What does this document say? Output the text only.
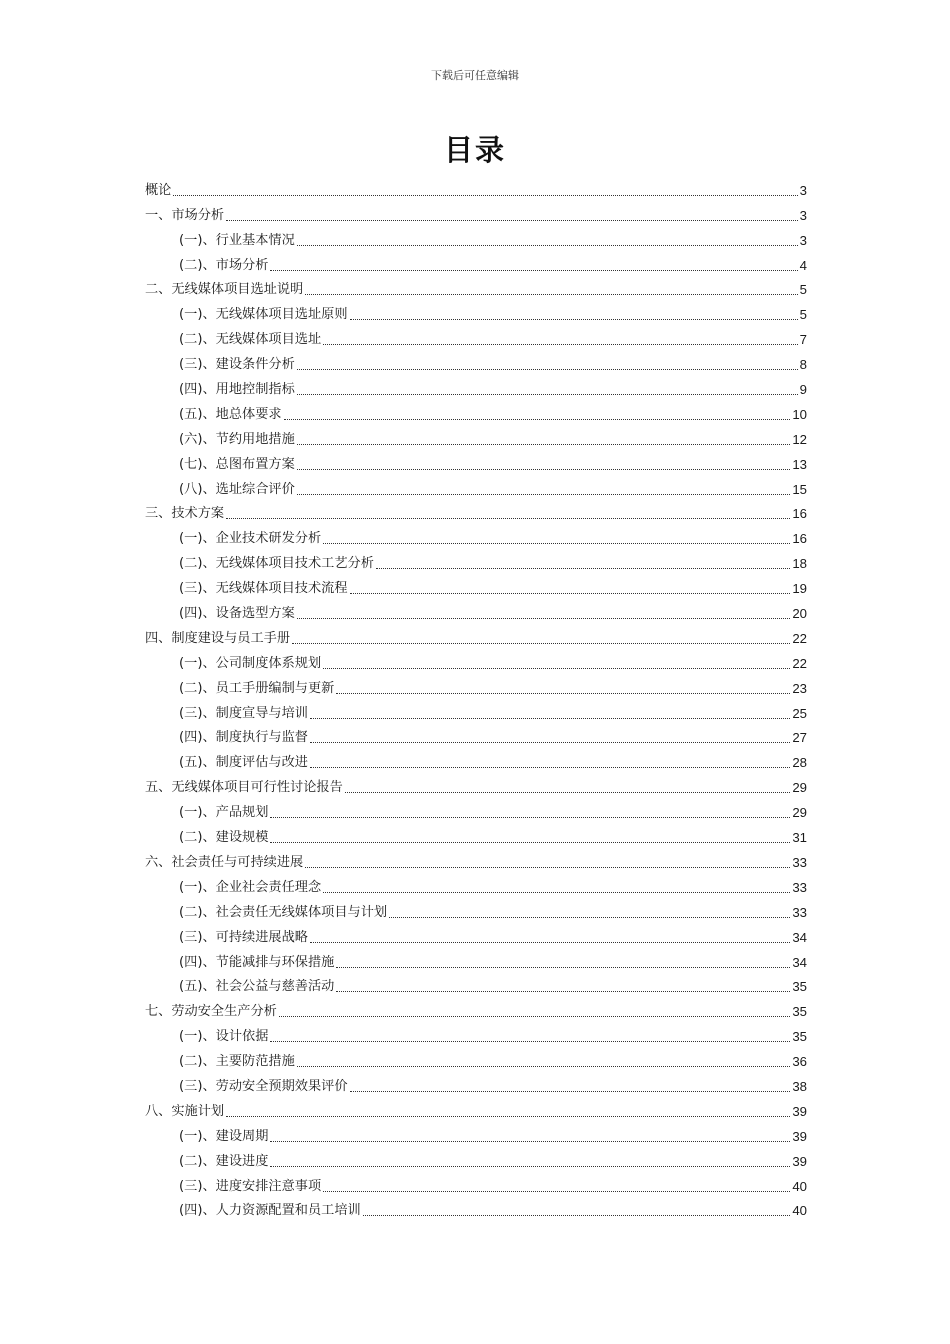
下载后可任意编辑
目录
概论	3
一、市场分析	3
(一)、行业基本情况	3
(二)、市场分析	4
二、无线媒体项目选址说明	5
(一)、无线媒体项目选址原则	5
(二)、无线媒体项目选址	7
(三)、建设条件分析	8
(四)、用地控制指标	9
(五)、地总体要求	10
(六)、节约用地措施	12
(七)、总图布置方案	13
(八)、选址综合评价	15
三、技术方案	16
(一)、企业技术研发分析	16
(二)、无线媒体项目技术工艺分析	18
(三)、无线媒体项目技术流程	19
(四)、设备选型方案	20
四、制度建设与员工手册	22
(一)、公司制度体系规划	22
(二)、员工手册编制与更新	23
(三)、制度宣导与培训	25
(四)、制度执行与监督	27
(五)、制度评估与改进	28
五、无线媒体项目可行性讨论报告	29
(一)、产品规划	29
(二)、建设规模	31
六、社会责任与可持续进展	33
(一)、企业社会责任理念	33
(二)、社会责任无线媒体项目与计划	33
(三)、可持续进展战略	34
(四)、节能减排与环保措施	34
(五)、社会公益与慈善活动	35
七、劳动安全生产分析	35
(一)、设计依据	35
(二)、主要防范措施	36
(三)、劳动安全预期效果评价	38
八、实施计划	39
(一)、建设周期	39
(二)、建设进度	39
(三)、进度安排注意事项	40
(四)、人力资源配置和员工培训	40
